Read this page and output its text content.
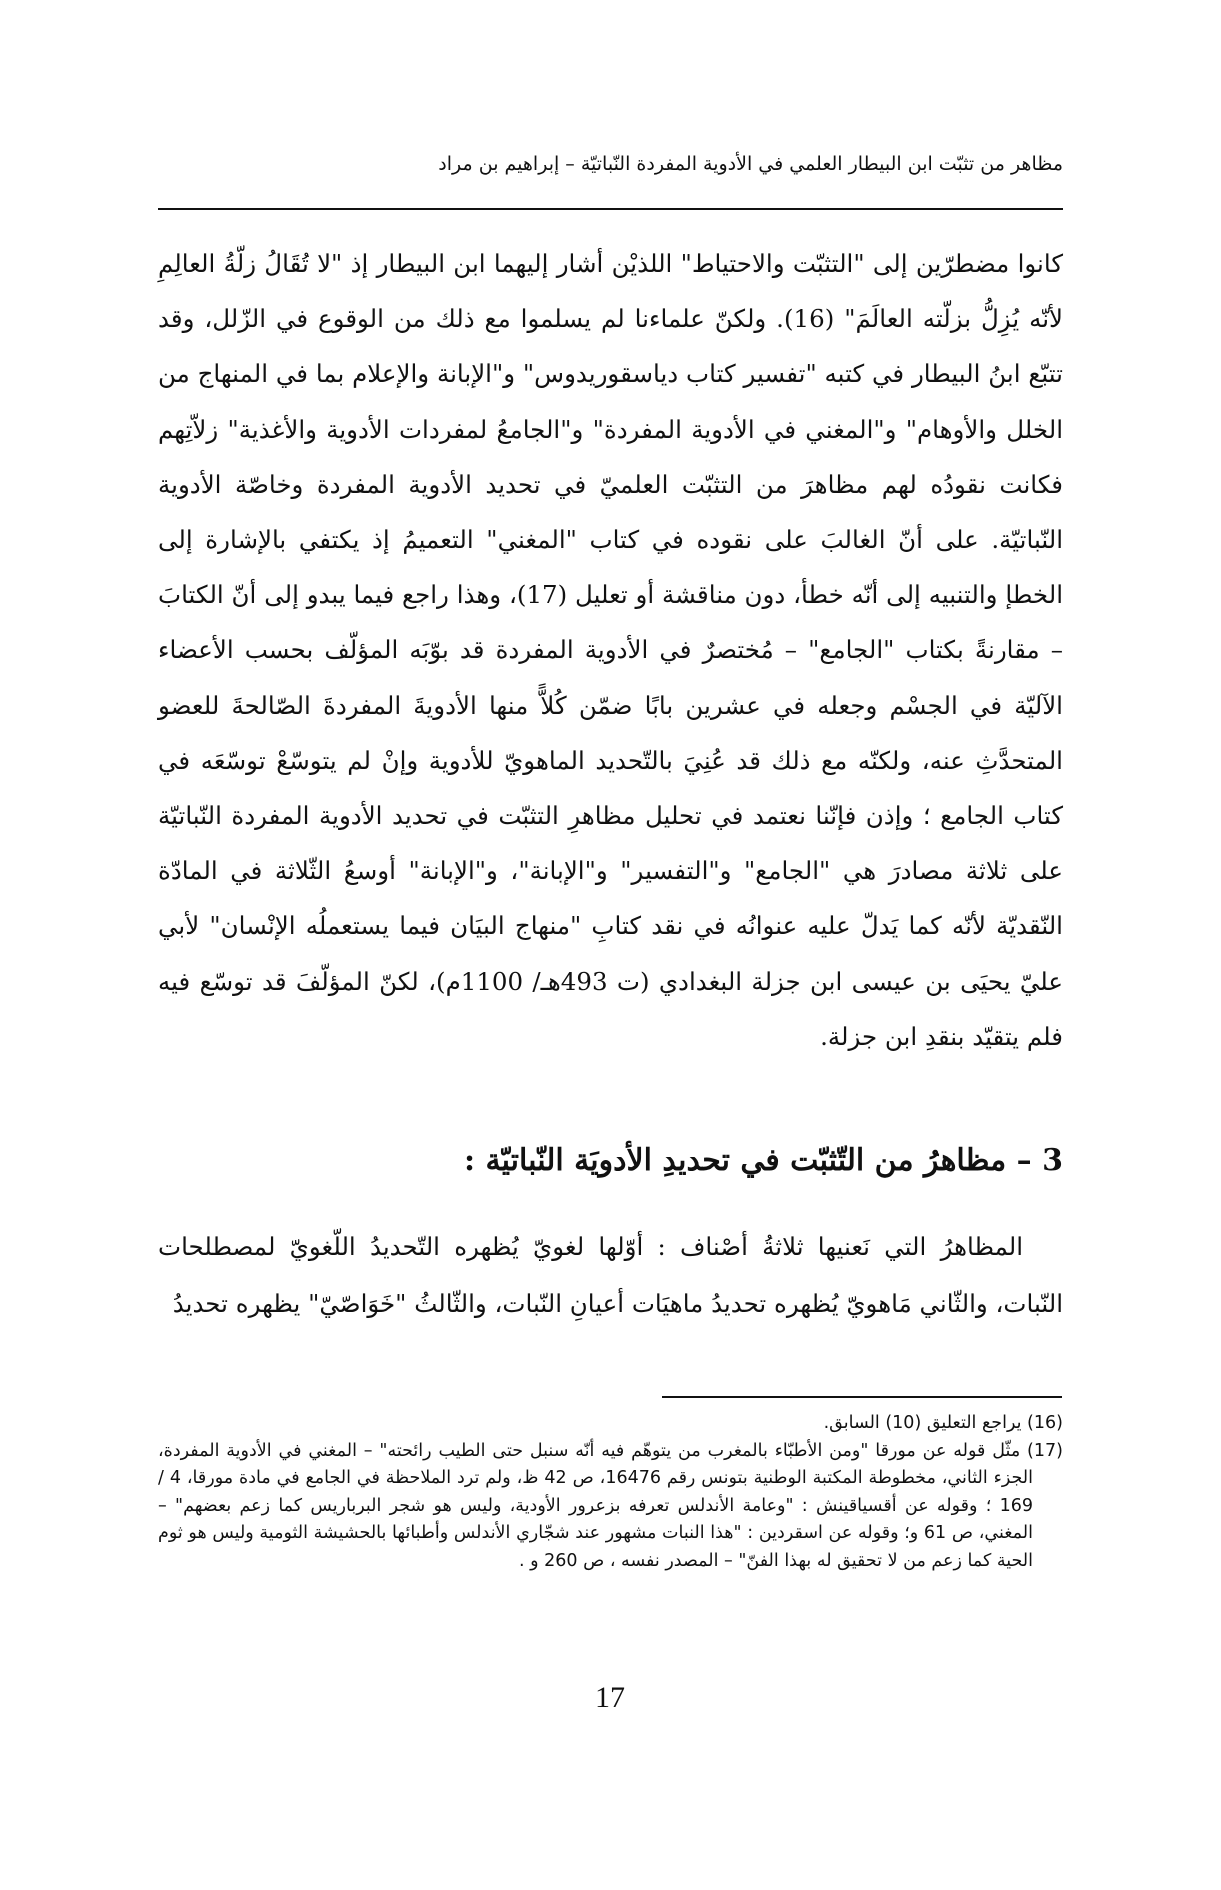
مظاهر من تثبّت ابن البيطار العلمي في الأدوية المفردة النّباتيّة – إبراهيم بن مراد
كانوا مضطرّين إلى "التثبّت والاحتياط" اللذيْن أشار إليهما ابن البيطار إذ "لا تُقَالُ زلّةُ العالِمِ لأنّه يُزِلُّ بزلّته العالَمَ" (16). ولكنّ علماءنا لم يسلموا مع ذلك من الوقوع في الزّلل، وقد تتبّع ابنُ البيطار في كتبه "تفسير كتاب دياسقوريدوس" و"الإبانة والإعلام بما في المنهاج من الخلل والأوهام" و"المغني في الأدوية المفردة" و"الجامعُ لمفردات الأدوية والأغذية" زلاّتِهم فكانت نقودُه لهم مظاهرَ من التثبّت العلميّ في تحديد الأدوية المفردة وخاصّة الأدوية النّباتيّة. على أنّ الغالبَ على نقوده في كتاب "المغني" التعميمُ إذ يكتفي بالإشارة إلى الخطإ والتنبيه إلى أنّه خطأ، دون مناقشة أو تعليل (17)، وهذا راجع فيما يبدو إلى أنّ الكتابَ – مقارنةً بكتاب "الجامع" – مُختصرٌ في الأدوية المفردة قد بوّبَه المؤلّف بحسب الأعضاء الآليّة في الجسْم وجعله في عشرين بابًا ضمّن كُلاًّ منها الأدويةَ المفردةَ الصّالحةَ للعضو المتحدَّثِ عنه، ولكنّه مع ذلك قد عُنِيَ بالتّحديد الماهويّ للأدوية وإنْ لم يتوسّعْ توسّعَه في كتاب الجامع ؛ وإذن فإنّنا نعتمد في تحليل مظاهرِ التثبّت في تحديد الأدوية المفردة النّباتيّة على ثلاثة مصادرَ هي "الجامع" و"التفسير" و"الإبانة"، و"الإبانة" أوسعُ الثّلاثة في المادّة النّقديّة لأنّه كما يَدلّ عليه عنوانُه في نقد كتابِ "منهاج البيَان فيما يستعملُه الإنْسان" لأبي عليّ يحيَى بن عيسى ابن جزلة البغدادي (ت 493هـ/ 1100م)، لكنّ المؤلّفَ قد توسّع فيه فلم يتقيّد بنقدِ ابن جزلة.
3 – مظاهرُ من التّثبّت في تحديدِ الأدويَة النّباتيّة :
المظاهرُ التي نَعنيها ثلاثةُ أصْناف : أوّلها لغويّ يُظهره التّحديدُ اللّغويّ لمصطلحات النّبات، والثّاني مَاهويّ يُظهره تحديدُ ماهيَات أعيانِ النّبات، والثّالثُ "خَوَاصّيّ" يظهره تحديدُ

(16) يراجع التعليق (10) السابق.

(17) مثّل قوله عن مورقا "ومن الأطبّاء بالمغرب من يتوهّم فيه أنّه سنبل حتى الطيب رائحته" – المغني في الأدوية المفردة، الجزء الثاني، مخطوطة المكتبة الوطنية بتونس رقم 16476، ص 42 ظ، ولم ترد الملاحظة في الجامع في مادة مورقا، 4 / 169 ؛ وقوله عن أقسياقينش : "وعامة الأندلس تعرفه بزعرور الأودية، وليس هو شجر البرباريس كما زعم بعضهم" – المغني، ص 61 و؛ وقوله عن اسقردين : "هذا النبات مشهور عند شجّاري الأندلس وأطبائها بالحشيشة الثومية وليس هو ثوم الحية كما زعم من لا تحقيق له بهذا الفنّ" – المصدر نفسه ، ص 260 و .

17
